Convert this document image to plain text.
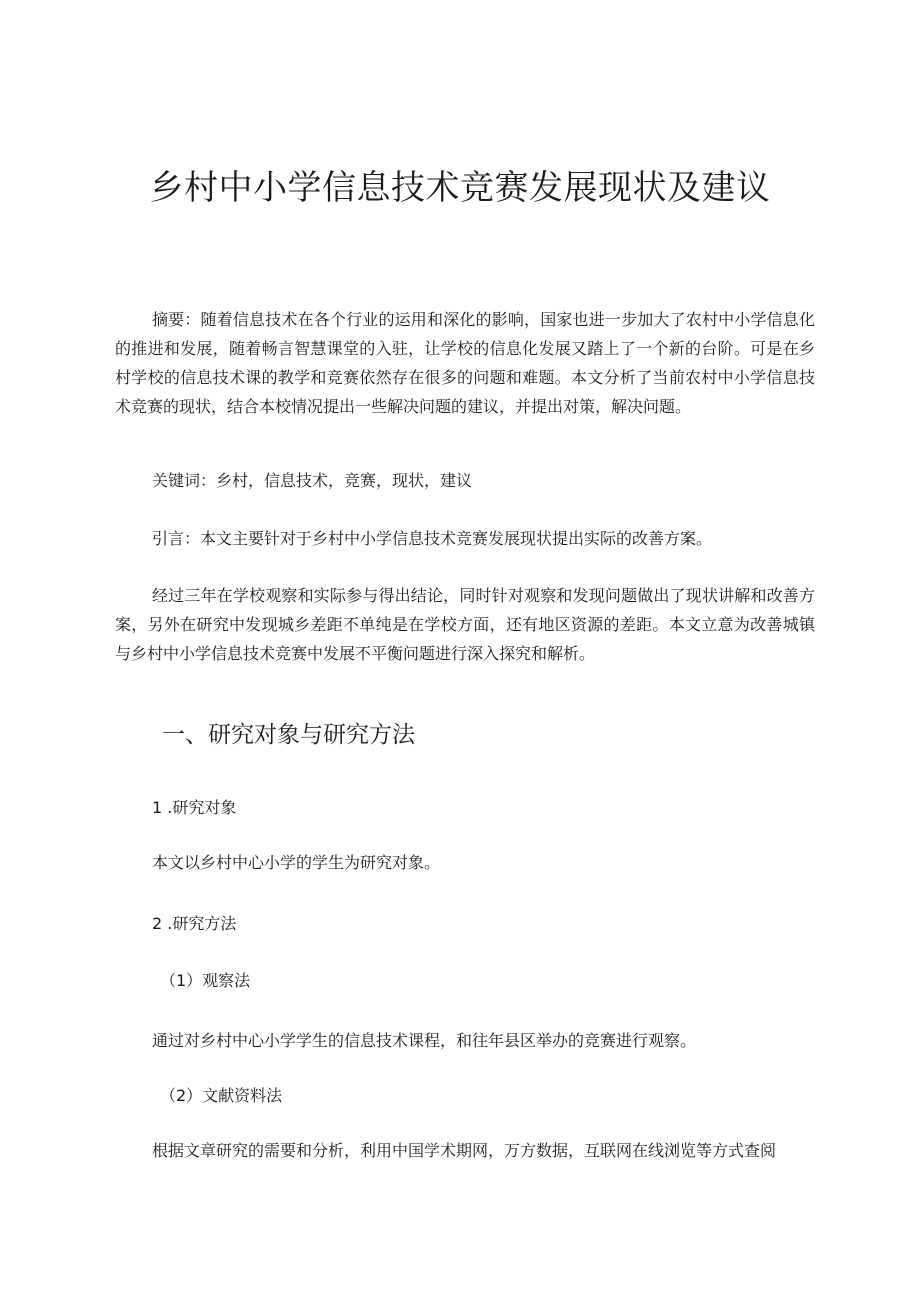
乡村中小学信息技术竞赛发展现状及建议

摘要：随着信息技术在各个行业的运用和深化的影响，国家也进一步加大了农村中小学信息化的推进和发展，随着畅言智慧课堂的入驻，让学校的信息化发展又踏上了一个新的台阶。可是在乡村学校的信息技术课的教学和竞赛依然存在很多的问题和难题。本文分析了当前农村中小学信息技术竞赛的现状，结合本校情况提出一些解决问题的建议，并提出对策，解决问题。

关键词：乡村，信息技术，竞赛，现状，建议

引言：本文主要针对于乡村中小学信息技术竞赛发展现状提出实际的改善方案。

经过三年在学校观察和实际参与得出结论，同时针对观察和发现问题做出了现状讲解和改善方案，另外在研究中发现城乡差距不单纯是在学校方面，还有地区资源的差距。本文立意为改善城镇与乡村中小学信息技术竞赛中发展不平衡问题进行深入探究和解析。

一、研究对象与研究方法

1 .研究对象

本文以乡村中心小学的学生为研究对象。

2 .研究方法

（1）观察法

通过对乡村中心小学学生的信息技术课程，和往年县区举办的竞赛进行观察。

（2）文献资料法

根据文章研究的需要和分析，利用中国学术期网，万方数据，互联网在线浏览等方式查阅
